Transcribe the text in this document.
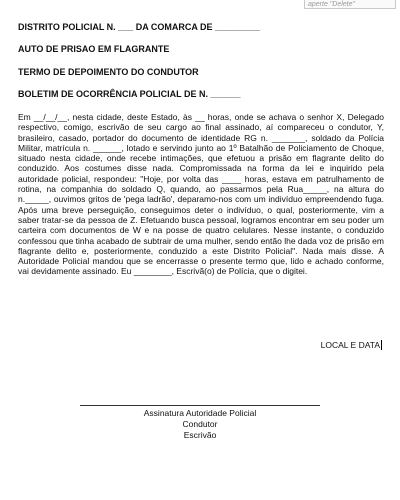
aperte "Delete"
DISTRITO POLICIAL N. ___ DA COMARCA DE _________
AUTO DE PRISAO EM FLAGRANTE
TERMO DE DEPOIMENTO DO CONDUTOR
BOLETIM DE OCORRÊNCIA POLICIAL DE N. ______

Em __/__/__, nesta cidade, deste Estado, às __ horas, onde se achava o senhor X, Delegado respectivo, comigo, escrivão de seu cargo ao final assinado, aí compareceu o condutor, Y, brasileiro, casado, portador do documento de identidade RG n. _______, soldado da Polícia Militar, matrícula n. ______, lotado e servindo junto ao 1º Batalhão de Policiamento de Choque, situado nesta cidade, onde recebe intimações, que efetuou a prisão em flagrante delito do conduzido. Aos costumes disse nada. Compromissada na forma da lei e inquirido pela autoridade policial, respondeu: "Hoje, por volta das ____ horas, estava em patrulhamento de rotina, na companhia do soldado Q, quando, ao passarmos pela Rua_____, na altura do n._____, ouvimos gritos de 'pega ladrão', deparamo-nos com um indivíduo empreendendo fuga. Após uma breve perseguição, conseguimos deter o indivíduo, o qual, posteriormente, vim a saber tratar-se da pessoa de Z. Efetuando busca pessoal, logramos encontrar em seu poder um carteira com documentos de W e na posse de quatro celulares. Nesse instante, o conduzido confessou que tinha acabado de subtrair de uma mulher, sendo então lhe dada voz de prisão em flagrante delito e, posteriormente, conduzido a este Distrito Policial". Nada mais disse. A Autoridade Policial mandou que se encerrasse o presente termo que, lido e achado conforme, vai devidamente assinado. Eu ________, Escrivã(o) de Polícia, que o digitei.

LOCAL E DATA
Assinatura Autoridade Policial
Condutor
Escrivão
